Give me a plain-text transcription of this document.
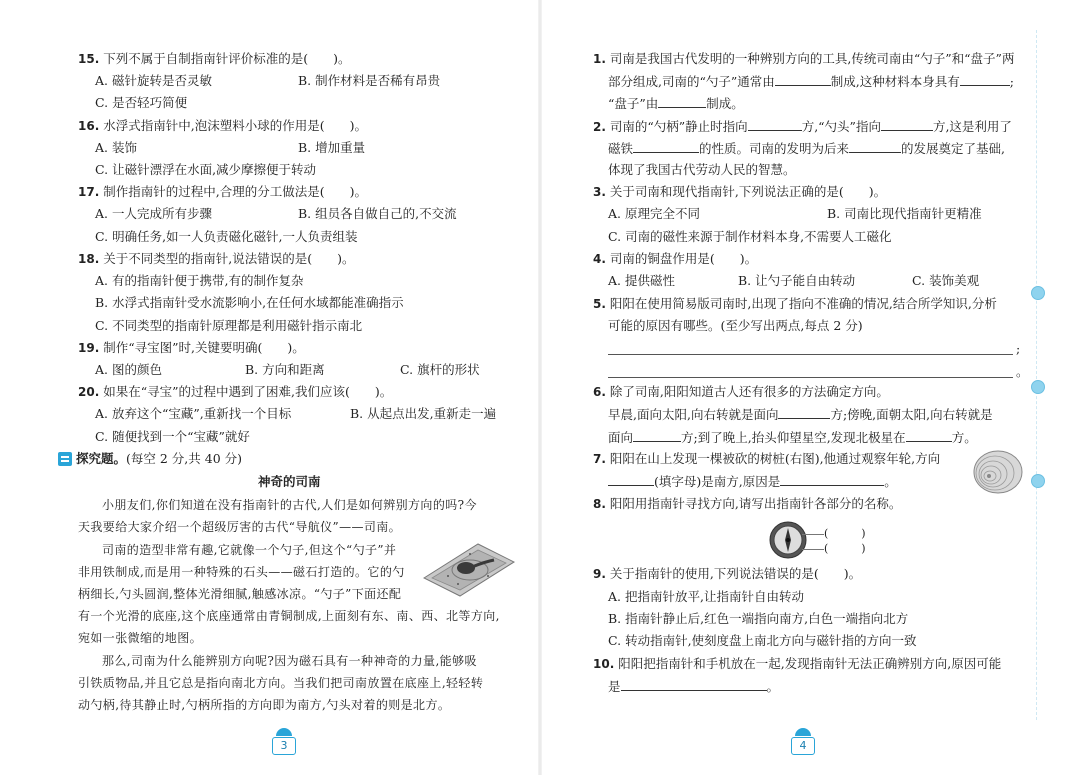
15. 下列不属于自制指南针评价标准的是(　　)。
A. 磁针旋转是否灵敏	B. 制作材料是否稀有昂贵
C. 是否轻巧简便
16. 水浮式指南针中,泡沫塑料小球的作用是(　　)。
A. 装饰	B. 增加重量
C. 让磁针漂浮在水面,减少摩擦便于转动
17. 制作指南针的过程中,合理的分工做法是(　　)。
A. 一人完成所有步骤	B. 组员各自做自己的,不交流
C. 明确任务,如一人负责磁化磁针,一人负责组装
18. 关于不同类型的指南针,说法错误的是(　　)。
A. 有的指南针便于携带,有的制作复杂
B. 水浮式指南针受水流影响小,在任何水域都能准确指示
C. 不同类型的指南针原理都是利用磁针指示南北
19. 制作“寻宝图”时,关键要明确(　　)。
A. 图的颜色	B. 方向和距离	C. 旗杆的形状
20. 如果在“寻宝”的过程中遇到了困难,我们应该(　　)。
A. 放弃这个“宝藏”,重新找一个目标	B. 从起点出发,重新走一遍
C. 随便找到一个“宝藏”就好
探究题。(每空 2 分,共 40 分)
神奇的司南
小朋友们,你们知道在没有指南针的古代,人们是如何辨别方向的吗?今
天我要给大家介绍一个超级厉害的古代“导航仪”——司南。
司南的造型非常有趣,它就像一个勺子,但这个“勺子”并
非用铁制成,而是用一种特殊的石头——磁石打造的。它的勺
柄细长,勺头圆润,整体光滑细腻,触感冰凉。“勺子”下面还配
有一个光滑的底座,这个底座通常由青铜制成,上面刻有东、南、西、北等方向,
宛如一张微缩的地图。
那么,司南为什么能辨别方向呢?因为磁石具有一种神奇的力量,能够吸
引铁质物品,并且它总是指向南北方向。当我们把司南放置在底座上,轻轻转
动勺柄,待其静止时,勺柄所指的方向即为南方,勺头对着的则是北方。
3
1. 司南是我国古代发明的一种辨别方向的工具,传统司南由“勺子”和“盘子”两
部分组成,司南的“勺子”通常由	制成,这种材料本身具有	;
“盘子”由	制成。
2. 司南的“勺柄”静止时指向	方,“勺头”指向	方,这是利用了
磁铁	的性质。司南的发明为后来	的发展奠定了基础,
体现了我国古代劳动人民的智慧。
3. 关于司南和现代指南针,下列说法正确的是(　　)。
A. 原理完全不同	B. 司南比现代指南针更精准
C. 司南的磁性来源于制作材料本身,不需要人工磁化
4. 司南的铜盘作用是(　　)。
A. 提供磁性	B. 让勺子能自由转动	C. 装饰美观
5. 阳阳在使用简易版司南时,出现了指向不准确的情况,结合所学知识,分析
可能的原因有哪些。(至少写出两点,每点 2 分)
;
。
6. 除了司南,阳阳知道古人还有很多的方法确定方向。
早晨,面向太阳,向右转就是面向	方;傍晚,面朝太阳,向右转就是
面向	方;到了晚上,抬头仰望星空,发现北极星在	方。
7. 阳阳在山上发现一棵被砍的树桩(右图),他通过观察年轮,方向
(填字母)是南方,原因是	。
8. 阳阳用指南针寻找方向,请写出指南针各部分的名称。
(　　　)
(　　　)
9. 关于指南针的使用,下列说法错误的是(　　)。
A. 把指南针放平,让指南针自由转动
B. 指南针静止后,红色一端指向南方,白色一端指向北方
C. 转动指南针,使刻度盘上南北方向与磁针指的方向一致
10. 阳阳把指南针和手机放在一起,发现指南针无法正确辨别方向,原因可能
是	。
4
